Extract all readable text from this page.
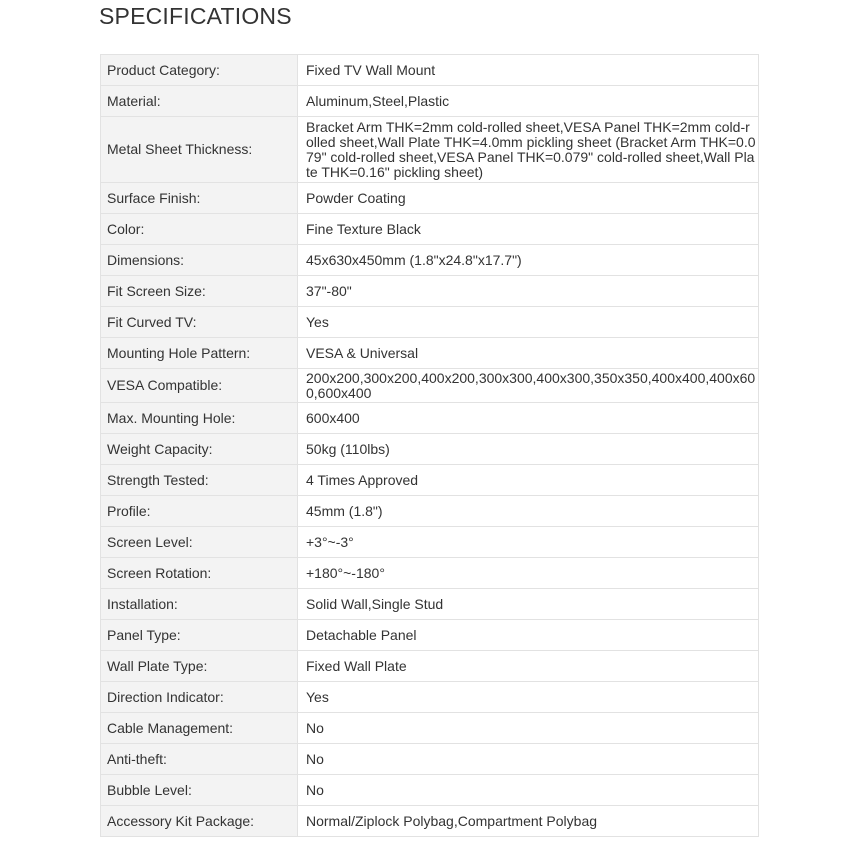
SPECIFICATIONS
Product Category:	Fixed TV Wall Mount
Material:	Aluminum,Steel,Plastic
Metal Sheet Thickness:	Bracket Arm THK=2mm cold-rolled sheet,VESA Panel THK=2mm cold-rolled sheet,Wall Plate THK=4.0mm pickling sheet (Bracket Arm THK=0.079" cold-rolled sheet,VESA Panel THK=0.079" cold-rolled sheet,Wall Plate THK=0.16" pickling sheet)
Surface Finish:	Powder Coating
Color:	Fine Texture Black
Dimensions:	45x630x450mm (1.8"x24.8"x17.7")
Fit Screen Size:	37"-80"
Fit Curved TV:	Yes
Mounting Hole Pattern:	VESA & Universal
VESA Compatible:	200x200,300x200,400x200,300x300,400x300,350x350,400x400,400x600,600x400
Max. Mounting Hole:	600x400
Weight Capacity:	50kg (110lbs)
Strength Tested:	4 Times Approved
Profile:	45mm (1.8")
Screen Level:	+3°~-3°
Screen Rotation:	+180°~-180°
Installation:	Solid Wall,Single Stud
Panel Type:	Detachable Panel
Wall Plate Type:	Fixed Wall Plate
Direction Indicator:	Yes
Cable Management:	No
Anti-theft:	No
Bubble Level:	No
Accessory Kit Package:	Normal/Ziplock Polybag,Compartment Polybag
